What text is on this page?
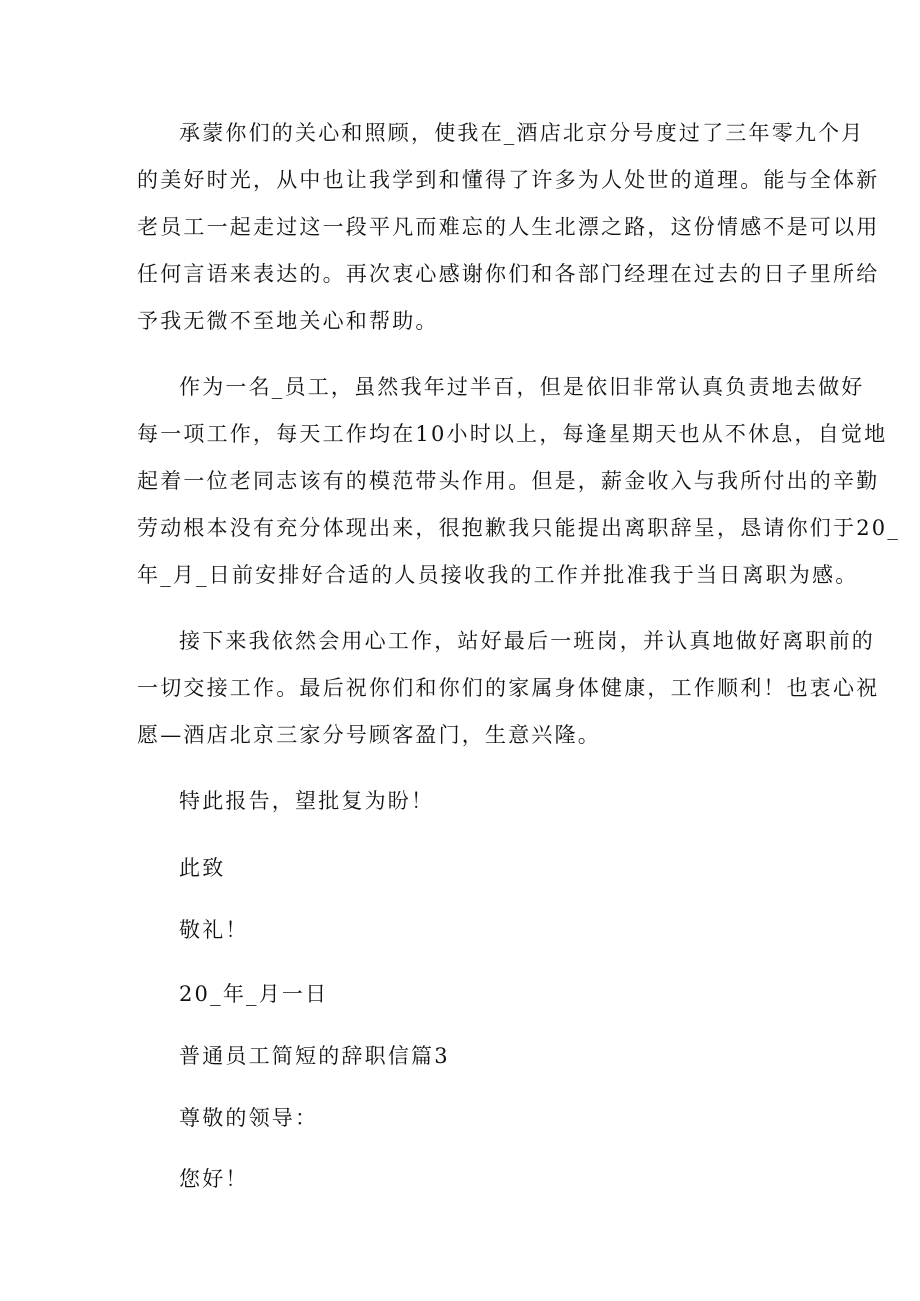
承蒙你们的关心和照顾，使我在_酒店北京分号度过了三年零九个月
的美好时光，从中也让我学到和懂得了许多为人处世的道理。能与全体新
老员工一起走过这一段平凡而难忘的人生北漂之路，这份情感不是可以用
任何言语来表达的。再次衷心感谢你们和各部门经理在过去的日子里所给
予我无微不至地关心和帮助。
作为一名_员工，虽然我年过半百，但是依旧非常认真负责地去做好
每一项工作，每天工作均在10小时以上，每逢星期天也从不休息，自觉地
起着一位老同志该有的模范带头作用。但是，薪金收入与我所付出的辛勤
劳动根本没有充分体现出来，很抱歉我只能提出离职辞呈，恳请你们于20_
年_月_日前安排好合适的人员接收我的工作并批准我于当日离职为感。
接下来我依然会用心工作，站好最后一班岗，并认真地做好离职前的
一切交接工作。最后祝你们和你们的家属身体健康，工作顺利！也衷心祝
愿—酒店北京三家分号顾客盈门，生意兴隆。
特此报告，望批复为盼！
此致
敬礼！
20_年_月一日
普通员工简短的辞职信篇3
尊敬的领导：
您好！
